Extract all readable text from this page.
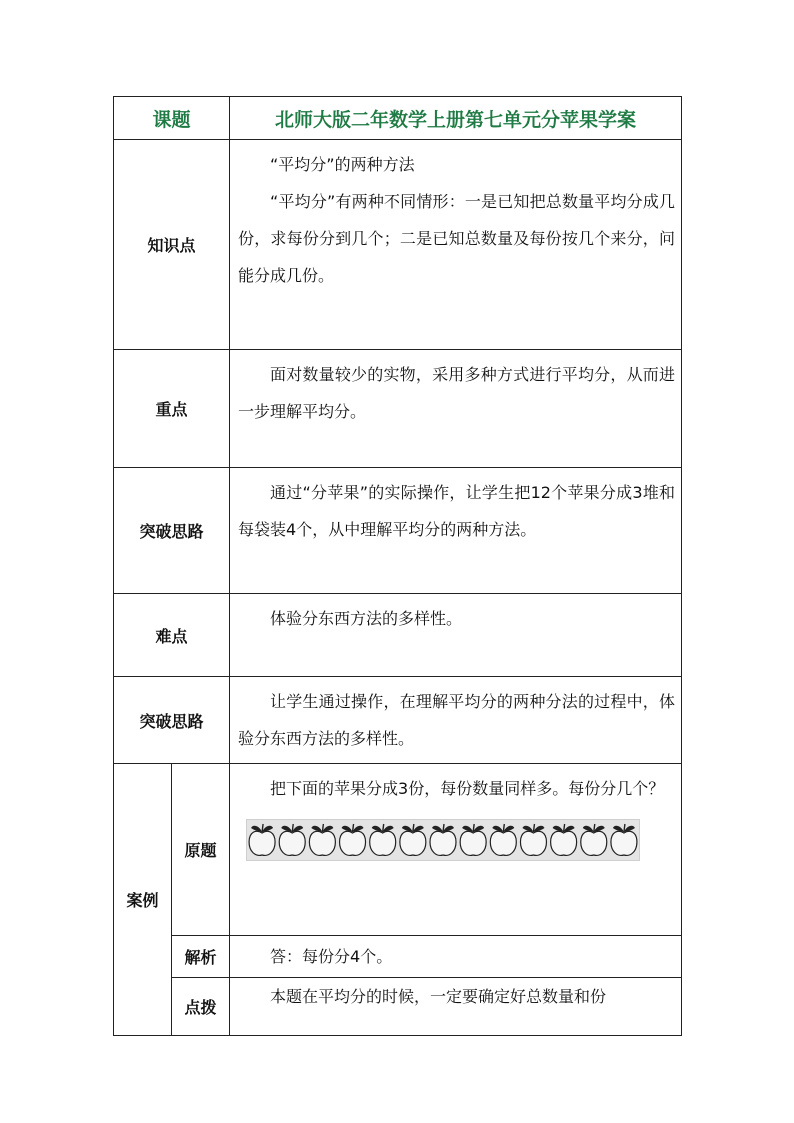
课题		北师大版二年数学上册第七单元分苹果学案
知识点		“平均分”的两种方法

“平均分”有两种不同情形：一是已知把总数量平均分成几份，求每份分到几个；二是已知总数量及每份按几个来分，问能分成几份。

重点		面对数量较少的实物，采用多种方式进行平均分，从而进一步理解平均分。

突破思路		通过“分苹果”的实际操作，让学生把12个苹果分成3堆和每袋装4个，从中理解平均分的两种方法。

难点		体验分东西方法的多样性。

突破思路		让学生通过操作，在理解平均分的两种分法的过程中，体验分东西方法的多样性。

案例	原题	把下面的苹果分成3份，每份数量同样多。每份分几个？

	解析	答：每份分4个。

	点拨	本题在平均分的时候，一定要确定好总数量和份
